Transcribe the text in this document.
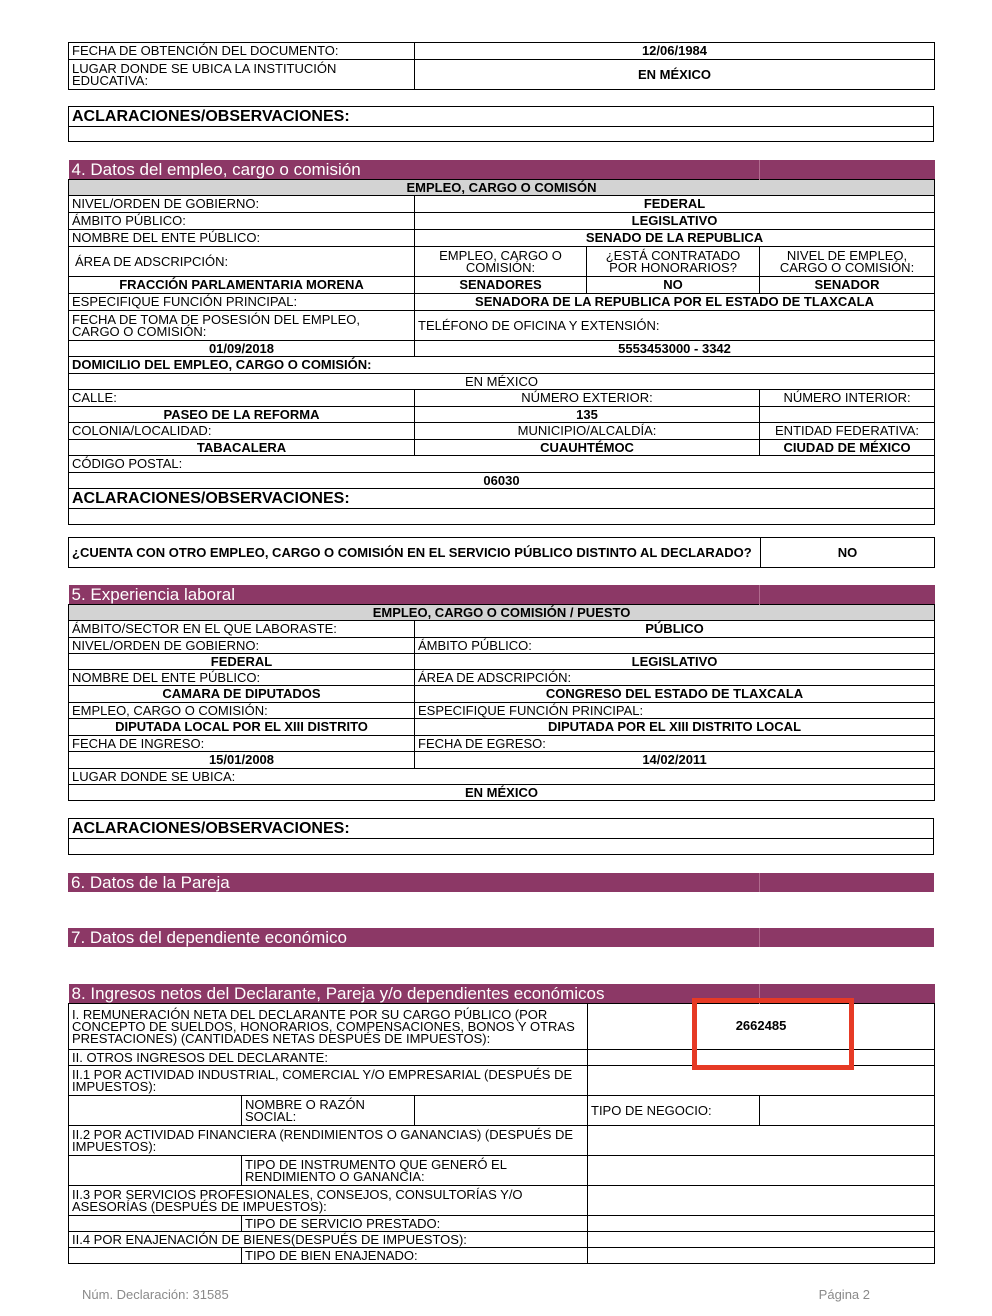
FECHA DE OBTENCIÓN DEL DOCUMENTO:	12/06/1984
LUGAR DONDE SE UBICA LA INSTITUCIÓN EDUCATIVA:	EN MÉXICO
ACLARACIONES/OBSERVACIONES:

4. Datos del empleo, cargo o comisión			
EMPLEO, CARGO O COMISÓN			
NIVEL/ORDEN DE GOBIERNO:	FEDERAL		
ÁMBITO PÚBLICO:	LEGISLATIVO		
NOMBRE DEL ENTE PÚBLICO:	SENADO DE LA REPUBLICA		
ÁREA DE ADSCRIPCIÓN:	EMPLEO, CARGO O COMISIÓN:	¿ESTÁ CONTRATADO POR HONORARIOS?	NIVEL DE EMPLEO, CARGO O COMISIÓN:
FRACCIÓN PARLAMENTARIA MORENA	SENADORES	NO	SENADOR
ESPECIFIQUE FUNCIÓN PRINCIPAL:	SENADORA DE LA REPUBLICA POR EL ESTADO DE TLAXCALA		
FECHA DE TOMA DE POSESIÓN DEL EMPLEO, CARGO O COMISIÓN:	TELÉFONO DE OFICINA Y EXTENSIÓN:		
01/09/2018	5553453000 - 3342		
DOMICILIO DEL EMPLEO, CARGO O COMISIÓN:			
EN MÉXICO			
CALLE:	NÚMERO EXTERIOR:		NÚMERO INTERIOR:
PASEO DE LA REFORMA	135		
COLONIA/LOCALIDAD:	MUNICIPIO/ALCALDÍA:		ENTIDAD FEDERATIVA:
TABACALERA	CUAUHTÉMOC		CIUDAD DE MÉXICO
CÓDIGO POSTAL:			
06030			
ACLARACIONES/OBSERVACIONES:			

¿CUENTA CON OTRO EMPLEO, CARGO O COMISIÓN EN EL SERVICIO PÚBLICO DISTINTO AL DECLARADO?	NO
5. Experiencia laboral		
EMPLEO, CARGO O COMISIÓN / PUESTO		
ÁMBITO/SECTOR EN EL QUE LABORASTE:	PÚBLICO	
NIVEL/ORDEN DE GOBIERNO:	ÁMBITO PÚBLICO:	
FEDERAL	LEGISLATIVO	
NOMBRE DEL ENTE PÚBLICO:	ÁREA DE ADSCRIPCIÓN:	
CAMARA DE DIPUTADOS	CONGRESO DEL ESTADO DE TLAXCALA	
EMPLEO, CARGO O COMISIÓN:	ESPECIFIQUE FUNCIÓN PRINCIPAL:	
DIPUTADA LOCAL POR EL XIII DISTRITO	DIPUTADA POR EL XIII DISTRITO LOCAL	
FECHA DE INGRESO:	FECHA DE EGRESO:	
15/01/2008	14/02/2011	
LUGAR DONDE SE UBICA:		
EN MÉXICO		
ACLARACIONES/OBSERVACIONES:

6. Datos de la Pareja	
7. Datos del dependiente económico	
8. Ingresos netos del Declarante, Pareja y/o dependientes económicos				
I. REMUNERACIÓN NETA DEL DECLARANTE POR SU CARGO PÚBLICO (POR CONCEPTO DE SUELDOS, HONORARIOS, COMPENSACIONES, BONOS Y OTRAS PRESTACIONES) (CANTIDADES NETAS DESPUÉS DE IMPUESTOS):			2662485	
II. OTROS INGRESOS DEL DECLARANTE:				
II.1 POR ACTIVIDAD INDUSTRIAL, COMERCIAL Y/O EMPRESARIAL (DESPUÉS DE IMPUESTOS):				
	NOMBRE O RAZÓN SOCIAL:		TIPO DE NEGOCIO:	
II.2 POR ACTIVIDAD FINANCIERA (RENDIMIENTOS O GANANCIAS) (DESPUÉS DE IMPUESTOS):				
	TIPO DE INSTRUMENTO QUE GENERÓ EL RENDIMIENTO O GANANCIA:			
II.3 POR SERVICIOS PROFESIONALES, CONSEJOS, CONSULTORÍAS Y/O ASESORÍAS (DESPUÉS DE IMPUESTOS):				
	TIPO DE SERVICIO PRESTADO:			
II.4 POR ENAJENACIÓN DE BIENES(DESPUÉS DE IMPUESTOS):				
	TIPO DE BIEN ENAJENADO:			
Núm. Declaración: 31585	Página 2
